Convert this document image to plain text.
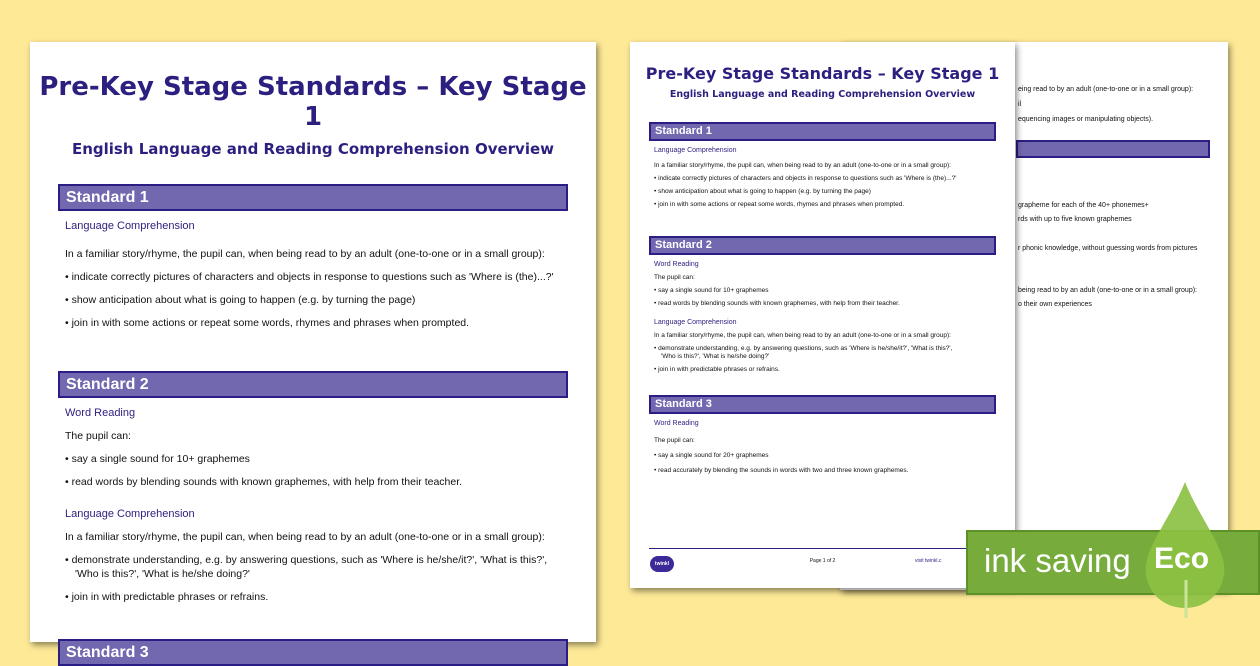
Pre-Key Stage Standards – Key Stage 1
English Language and Reading Comprehension Overview
Standard 1
Language Comprehension

In a familiar story/rhyme, the pupil can, when being read to by an adult (one-to-one or in a small group):

• indicate correctly pictures of characters and objects in response to questions such as 'Where is (the)...?'

• show anticipation about what is going to happen (e.g. by turning the page)

• join in with some actions or repeat some words, rhymes and phrases when prompted.

Standard 2
Word Reading

The pupil can:

• say a single sound for 10+ graphemes

• read words by blending sounds with known graphemes, with help from their teacher.

Language Comprehension

In a familiar story/rhyme, the pupil can, when being read to by an adult (one-to-one or in a small group):

• demonstrate understanding, e.g. by answering questions, such as 'Where is he/she/it?', 'What is this?',

'Who is this?', 'What is he/she doing?'

• join in with predictable phrases or refrains.

Standard 3

eing read to by an adult (one-to-one or in a small group):

il

equencing images or manipulating objects).

grapheme for each of the 40+ phonemes+

rds with up to five known graphemes

r phonic knowledge, without guessing words from pictures

being read to by an adult (one-to-one or in a small group):

o their own experiences

Pre-Key Stage Standards – Key Stage 1
English Language and Reading Comprehension Overview
Standard 1
Language Comprehension

In a familiar story/rhyme, the pupil can, when being read to by an adult (one-to-one or in a small group):

• indicate correctly pictures of characters and objects in response to questions such as 'Where is (the)...?'

• show anticipation about what is going to happen (e.g. by turning the page)

• join in with some actions or repeat some words, rhymes and phrases when prompted.

Standard 2
Word Reading

The pupil can:

• say a single sound for 10+ graphemes

• read words by blending sounds with known graphemes, with help from their teacher.

Language Comprehension

In a familiar story/rhyme, the pupil can, when being read to by an adult (one-to-one or in a small group):

• demonstrate understanding, e.g. by answering questions, such as 'Where is he/she/it?', 'What is this?',

'Who is this?', 'What is he/she doing?'

• join in with predictable phrases or refrains.

Standard 3
Word Reading

The pupil can:

• say a single sound for 20+ graphemes

• read accurately by blending the sounds in words with two and three known graphemes.

twinkl	Page 1 of 2	visit twinkl.c ink saving Eco
